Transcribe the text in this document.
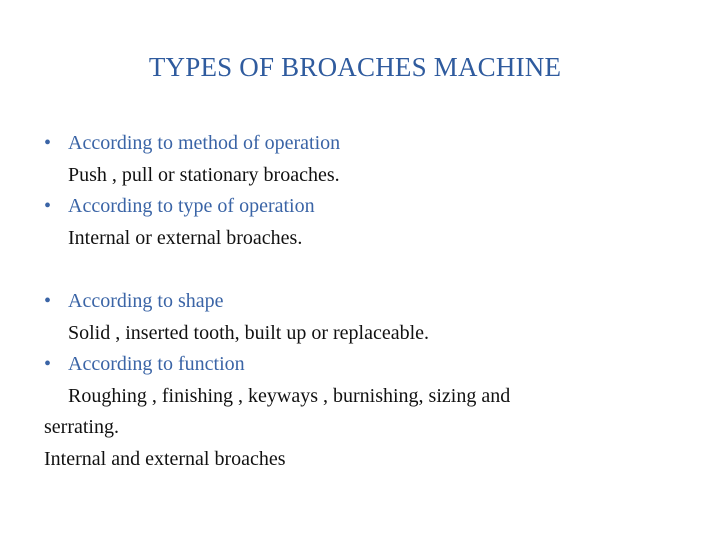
TYPES OF BROACHES MACHINE
• According to method of operation
Push , pull or stationary broaches.
• According to type of operation
Internal or external broaches.
• According to shape
Solid , inserted tooth, built up or replaceable.
• According to function
Roughing , finishing , keyways , burnishing, sizing and
serrating.
Internal and external broaches
